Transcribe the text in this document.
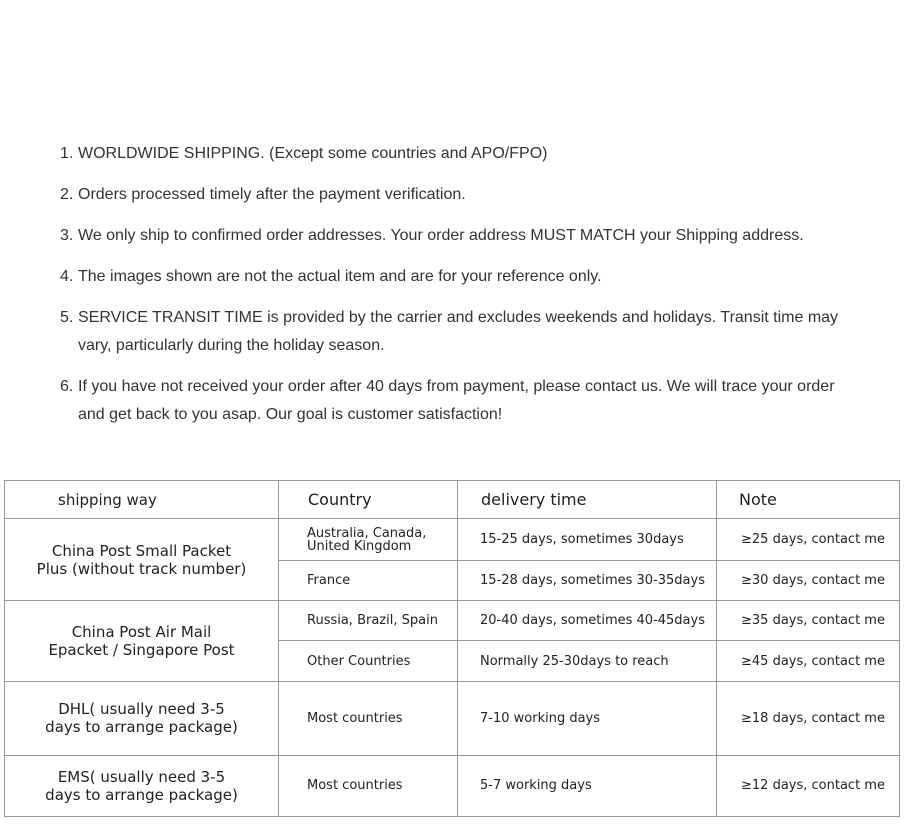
1. WORLDWIDE SHIPPING. (Except some countries and APO/FPO)
2. Orders processed timely after the payment verification.
3. We only ship to confirmed order addresses. Your order address MUST MATCH your Shipping address.
4. The images shown are not the actual item and are for your reference only.
5. SERVICE TRANSIT TIME is provided by the carrier and excludes weekends and holidays. Transit time may vary, particularly during the holiday season.
6. If you have not received your order after 40 days from payment, please contact us. We will trace your order and get back to you asap. Our goal is customer satisfaction!
shipping way	Country	delivery time	Note

China Post Small Packet
Plus (without track number)	Australia, Canada, United Kingdom	15-25 days, sometimes 30days	≥25 days, contact me
	France	15-28 days, sometimes 30-35days	≥30 days, contact me

China Post Air Mail
Epacket / Singapore Post	Russia, Brazil, Spain	20-40 days, sometimes 40-45days	≥35 days, contact me
	Other Countries	Normally 25-30days to reach	≥45 days, contact me

DHL( usually need 3-5
days to arrange package)	Most countries	7-10 working days	≥18 days, contact me

EMS( usually need 3-5
days to arrange package)	Most countries	5-7 working days	≥12 days, contact me
